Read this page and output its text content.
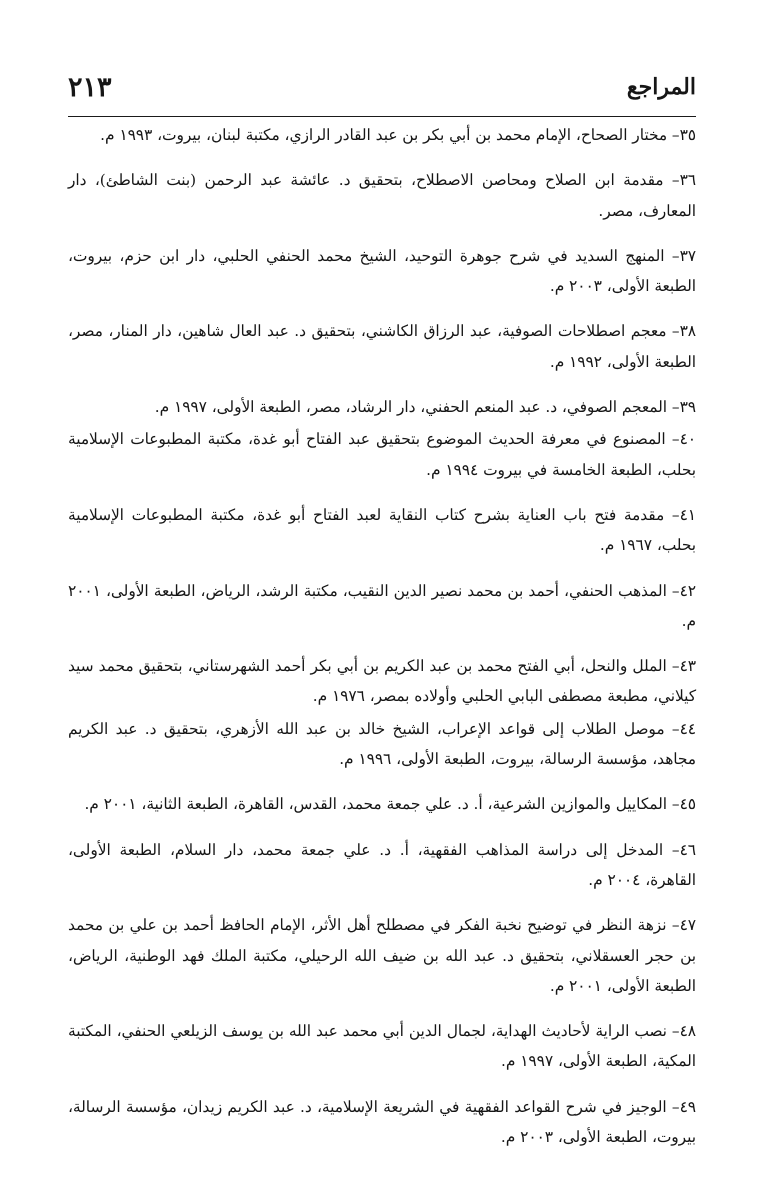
المراجع
٢١٣

٣٥– مختار الصحاح، الإمام محمد بن أبي بكر بن عبد القادر الرازي، مكتبة لبنان، بيروت، ١٩٩٣ م.

٣٦– مقدمة ابن الصلاح ومحاصن الاصطلاح، بتحقيق د. عائشة عبد الرحمن (بنت الشاطئ)، دار المعارف، مصر.

٣٧– المنهج السديد في شرح جوهرة التوحيد، الشيخ محمد الحنفي الحلبي، دار ابن حزم، بيروت، الطبعة الأولى، ٢٠٠٣ م.

٣٨– معجم اصطلاحات الصوفية، عبد الرزاق الكاشني، بتحقيق د. عبد العال شاهين، دار المنار، مصر، الطبعة الأولى، ١٩٩٢ م.

٣٩– المعجم الصوفي، د. عبد المنعم الحفني، دار الرشاد، مصر، الطبعة الأولى، ١٩٩٧ م.

٤٠– المصنوع في معرفة الحديث الموضوع بتحقيق عبد الفتاح أبو غدة، مكتبة المطبوعات الإسلامية بحلب، الطبعة الخامسة في بيروت ١٩٩٤ م.

٤١– مقدمة فتح باب العناية بشرح كتاب النقاية لعبد الفتاح أبو غدة، مكتبة المطبوعات الإسلامية بحلب، ١٩٦٧ م.

٤٢– المذهب الحنفي، أحمد بن محمد نصير الدين النقيب، مكتبة الرشد، الرياض، الطبعة الأولى، ٢٠٠١ م.

٤٣– الملل والنحل، أبي الفتح محمد بن عبد الكريم بن أبي بكر أحمد الشهرستاني، بتحقيق محمد سيد كيلاني، مطبعة مصطفى البابي الحلبي وأولاده بمصر، ١٩٧٦ م.

٤٤– موصل الطلاب إلى قواعد الإعراب، الشيخ خالد بن عبد الله الأزهري، بتحقيق د. عبد الكريم مجاهد، مؤسسة الرسالة، بيروت، الطبعة الأولى، ١٩٩٦ م.

٤٥– المكاييل والموازين الشرعية، أ. د. علي جمعة محمد، القدس، القاهرة، الطبعة الثانية، ٢٠٠١ م.

٤٦– المدخل إلى دراسة المذاهب الفقهية، أ. د. علي جمعة محمد، دار السلام، الطبعة الأولى، القاهرة، ٢٠٠٤ م.

٤٧– نزهة النظر في توضيح نخبة الفكر في مصطلح أهل الأثر، الإمام الحافظ أحمد بن علي بن محمد بن حجر العسقلاني، بتحقيق د. عبد الله بن ضيف الله الرحيلي، مكتبة الملك فهد الوطنية، الرياض، الطبعة الأولى، ٢٠٠١ م.

٤٨– نصب الراية لأحاديث الهداية، لجمال الدين أبي محمد عبد الله بن يوسف الزيلعي الحنفي، المكتبة المكية، الطبعة الأولى، ١٩٩٧ م.

٤٩– الوجيز في شرح القواعد الفقهية في الشريعة الإسلامية، د. عبد الكريم زيدان، مؤسسة الرسالة، بيروت، الطبعة الأولى، ٢٠٠٣ م.
